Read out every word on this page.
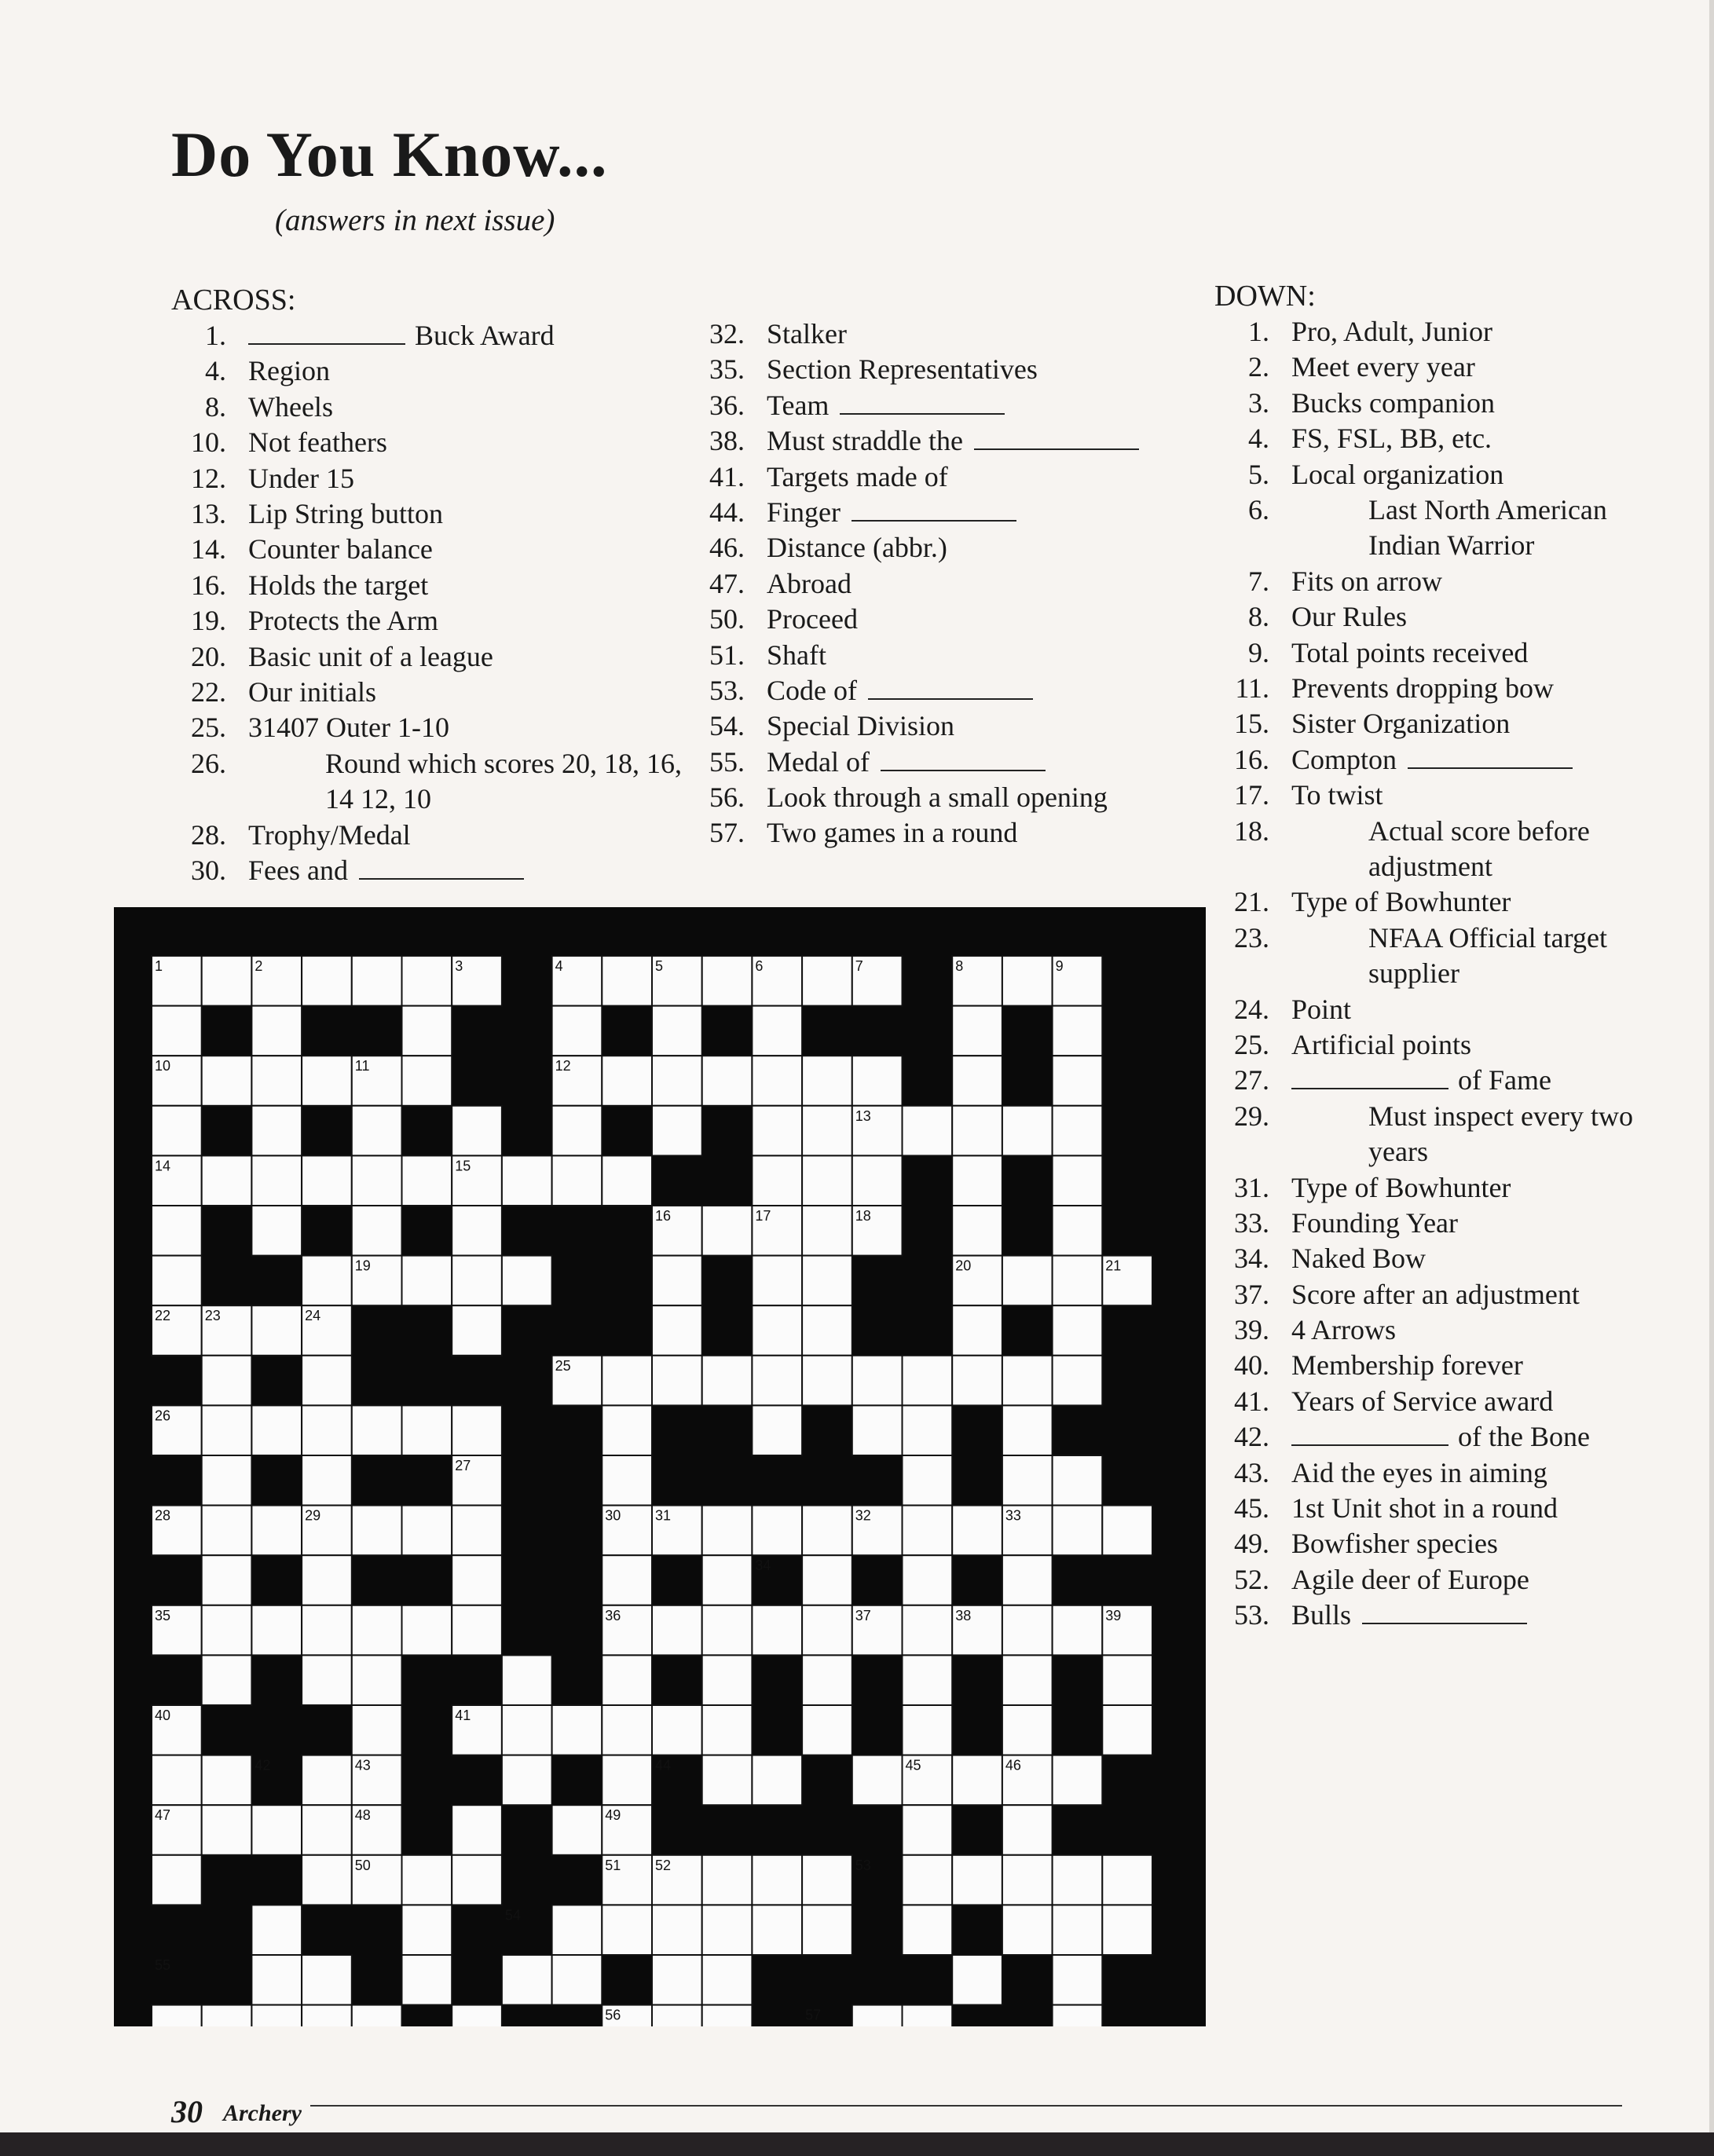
Do You Know...
(answers in next issue)
ACROSS:	DOWN:
1.	Buck Award
4. Region
8. Wheels
10. Not feathers
12. Under 15
13. Lip String button
14. Counter balance
16. Holds the target
19. Protects the Arm
20. Basic unit of a league
22. Our initials
25. 31407 Outer 1-10
26.	Round which scores 20, 18, 16, 14 12, 10
28. Trophy/Medal
30. Fees and
32. Stalker
35. Section Representatives
36. Team
38. Must straddle the
41. Targets made of
44. Finger
46. Distance (abbr.)
47. Abroad
50. Proceed
51. Shaft
53. Code of
54. Special Division
55. Medal of
56. Look through a small opening
57. Two games in a round
1. Pro, Adult, Junior
2. Meet every year
3. Bucks companion
4. FS, FSL, BB, etc.
5. Local organization
6.	Last North American Indian Warrior
7. Fits on arrow
8. Our Rules
9. Total points received
11. Prevents dropping bow
15. Sister Organization
16. Compton
17. To twist
18.	Actual score before adjustment
21. Type of Bowhunter
23.	NFAA Official target supplier
24. Point
25. Artificial points
27.	of Fame
29.	Must inspect every two years
31. Type of Bowhunter
33. Founding Year
34. Naked Bow
37. Score after an adjustment
39. 4 Arrows
40. Membership forever
41. Years of Service award
42.	of the Bone
43. Aid the eyes in aiming
45. 1st Unit shot in a round
49. Bowfisher species
52. Agile deer of Europe
53. Bulls
1	2	3	4	5	6	7	8	9
10	11	12
13
14	15
16	17	18
19	20	21
22 23	24
25
26
27
28	29	30 31	32	33
34
35	36	37	38	39
40	41
42	43	44	45	46
47	48	49
50	51 52	53
54
55
56	57
30 Archery
